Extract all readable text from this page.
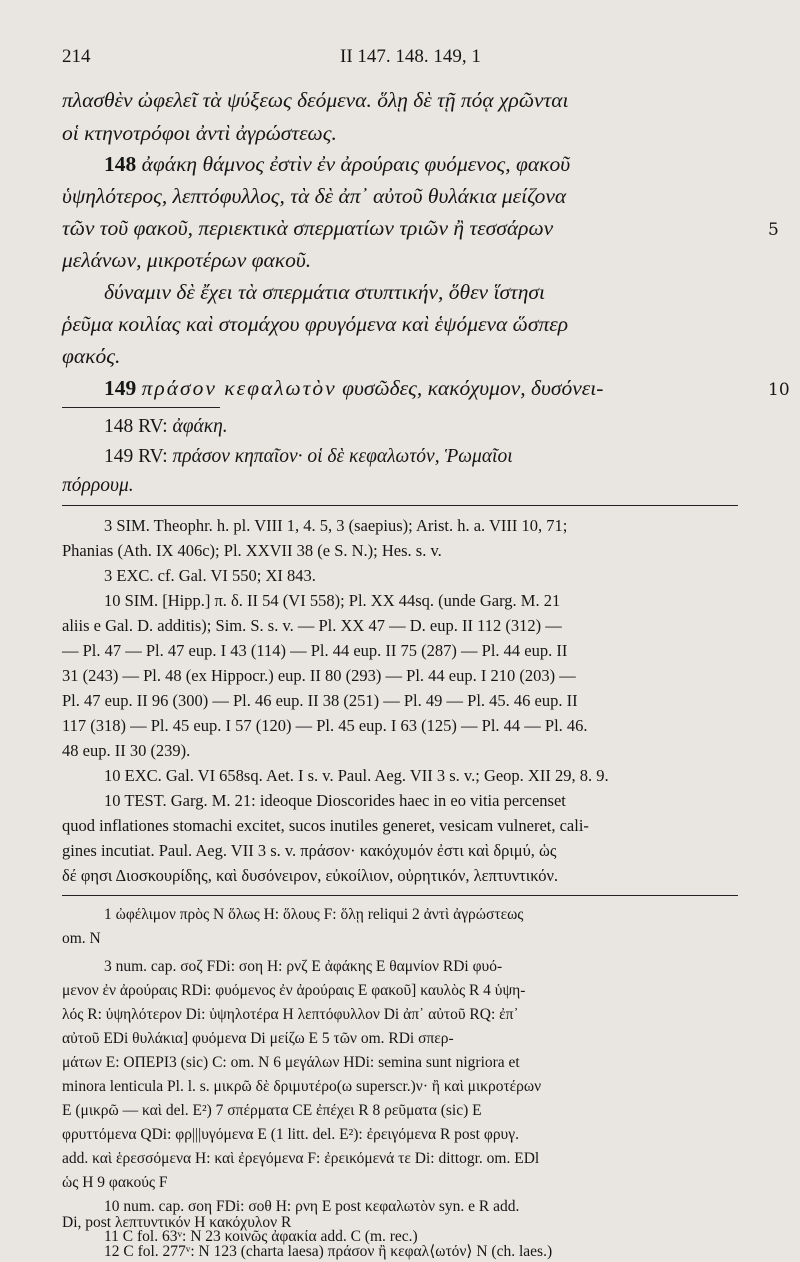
214	II 147. 148. 149, 1
πλασθὲν ὠφελεῖ τὰ ψύξεως δεόμενα. ὅλῃ δὲ τῇ πόᾳ χρῶνται
οἱ κτηνοτρόφοι ἀντὶ ἀγρώστεως.
148 ἀφάκη θάμνος ἐστὶν ἐν ἀρούραις φυόμενος, φακοῦ
ὑψηλότερος, λεπτόφυλλος, τὰ δὲ ἀπ᾿ αὐτοῦ θυλάκια μείζονα
τῶν τοῦ φακοῦ, περιεκτικὰ σπερματίων τριῶν ἢ τεσσάρων	5
μελάνων, μικροτέρων φακοῦ.
δύναμιν δὲ ἔχει τὰ σπερμάτια στυπτικήν, ὅθεν ἵστησι
ῥεῦμα κοιλίας καὶ στομάχου φρυγόμενα καὶ ἑψόμενα ὥσπερ
φακός.
149 πράσον κεφαλωτὸν φυσῶδες, κακόχυμον, δυσόνει-	10
148 RV: ἀφάκη.
149 RV: πράσον κηπαῖον· οἱ δὲ κεφαλωτόν, Ῥωμαῖοι
πόρρουμ.
3 SIM. Theophr. h. pl. VIII 1, 4. 5, 3 (saepius); Arist. h. a. VIII 10, 71;
Phanias (Ath. IX 406c); Pl. XXVII 38 (e S. N.); Hes. s. v.
3 EXC. cf. Gal. VI 550; XI 843.
10 SIM. [Hipp.] π. δ. II 54 (VI 558); Pl. XX 44sq. (unde Garg. M. 21
aliis e Gal. D. additis); Sim. S. s. v. — Pl. XX 47 — D. eup. II 112 (312) —
— Pl. 47 — Pl. 47 eup. I 43 (114) — Pl. 44 eup. II 75 (287) — Pl. 44 eup. II
31 (243) — Pl. 48 (ex Hippocr.) eup. II 80 (293) — Pl. 44 eup. I 210 (203) —
Pl. 47 eup. II 96 (300) — Pl. 46 eup. II 38 (251) — Pl. 49 — Pl. 45. 46 eup. II
117 (318) — Pl. 45 eup. I 57 (120) — Pl. 45 eup. I 63 (125) — Pl. 44 — Pl. 46.
48 eup. II 30 (239).
10 EXC. Gal. VI 658sq. Aet. I s. v. Paul. Aeg. VII 3 s. v.; Geop. XII 29, 8. 9.
10 TEST. Garg. M. 21: ideoque Dioscorides haec in eo vitia percenset
quod inflationes stomachi excitet, sucos inutiles generet, vesicam vulneret, cali-
gines incutiat. Paul. Aeg. VII 3 s. v. πράσον· κακόχυμόν ἐστι καὶ δριμύ, ὡς
δέ φησι Διοσκουρίδης, καὶ δυσόνειρον, εὐκοίλιον, οὐρητικόν, λεπτυντικόν.
1 ὠφέλιμον πρὸς N ὅλως H: ὅλους F: ὅλῃ reliqui 2 ἀντὶ ἀγρώστεως
om. N
3 num. cap. σοζ FDi: σοη H: ρνζ E ἀφάκης E θαμνίον RDi φυό-
μενον ἐν ἀρούραις RDi: φυόμενος ἐν ἀρούραις E φακοῦ] καυλὸς R 4 ὑψη-
λός R: ὑψηλότερον Di: ὑψηλοτέρα H λεπτόφυλλον Di ἀπ᾿ αὐτοῦ RQ: ἐπ᾿
αὐτοῦ EDi θυλάκια] φυόμενα Di μείζω E 5 τῶν om. RDi σπερ-
μάτων E: ΟΠΕΡΙ3 (sic) C: om. N 6 μεγάλων HDi: semina sunt nigriora et
minora lenticula Pl. l. s. μικρῶ δὲ δριμυτέρο(ω superscr.)ν· ἢ καὶ μικροτέρων
E (μικρῶ — καὶ del. E²) 7 σπέρματα CE ἐπέχει R 8 ρεῦματα (sic) E
φρυττόμενα QDi: φρ|||υγόμενα E (1 litt. del. E²): ἐρειγόμενα R post φρυγ.
add. καὶ ἑρεσσόμενα H: καὶ ἐρεγόμενα F: ἐρεικόμενά τε Di: dittogr. om. EDl
ὡς H 9 φακούς F
10 num. cap. σοη FDi: σοθ H: ρνη E post κεφαλωτὸν syn. e R add.
Di, post λεπτυντικόν H κακόχυλον R
11 C fol. 63ᵛ: N 23 κοινῶς ἀφακία add. C (m. rec.)
12 C fol. 277ᵛ: N 123 (charta laesa) πράσον ἢ κεφαλ⟨ωτόν⟩ N (ch. laes.)
